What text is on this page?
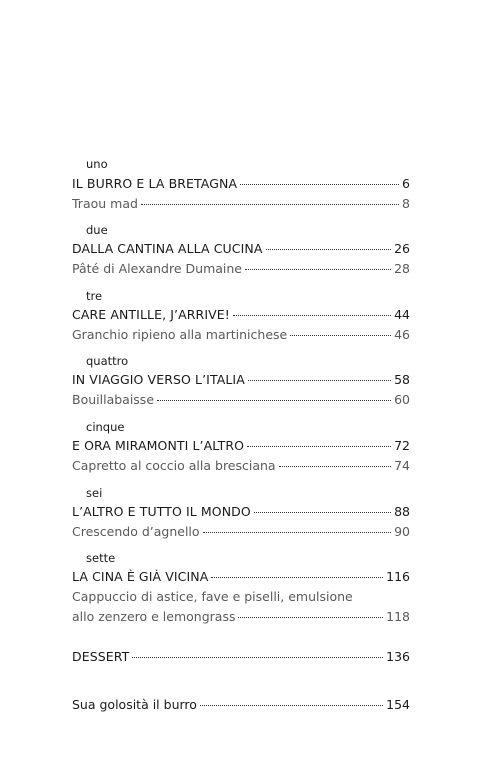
uno
IL BURRO E LA BRETAGNA	6
Traou mad	8
due
DALLA CANTINA ALLA CUCINA	26
Pâté di Alexandre Dumaine	28
tre
CARE ANTILLE, J’ARRIVE!	44
Granchio ripieno alla martinichese	46
quattro
IN VIAGGIO VERSO L’ITALIA	58
Bouillabaisse	60
cinque
E ORA MIRAMONTI L’ALTRO	72
Capretto al coccio alla bresciana	74
sei
L’ALTRO E TUTTO IL MONDO	88
Crescendo d’agnello	90
sette
LA CINA È GIÀ VICINA	116
Cappuccio di astice, fave e piselli, emulsione
allo zenzero e lemongrass	118
DESSERT	136
Sua golosità il burro	154
